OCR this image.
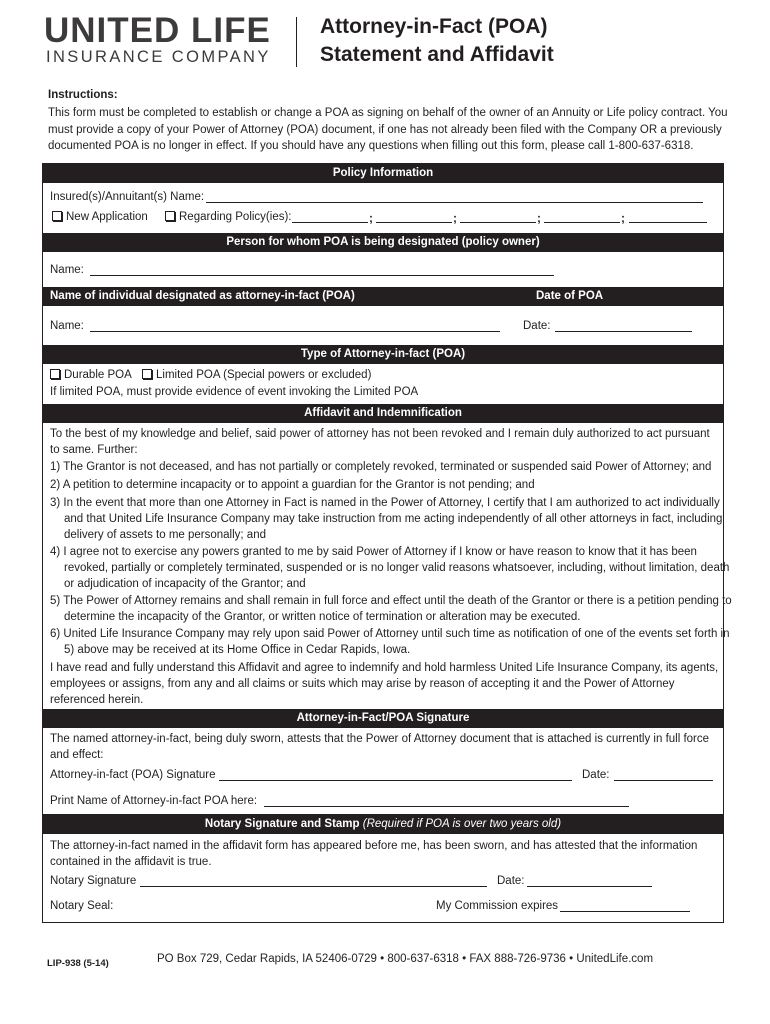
UNITED LIFE
INSURANCE COMPANY
Attorney-in-Fact (POA)
Statement and Affidavit
Instructions:
This form must be completed to establish or change a POA as signing on behalf of the owner of an Annuity or Life policy contract. You must provide a copy of your Power of Attorney (POA) document, if one has not already been filed with the Company OR a previously documented POA is no longer in effect. If you should have any questions when filling out this form, please call 1-800-637-6318.
Policy Information
Insured(s)/Annuitant(s) Name:
New Application	Regarding Policy(ies):	;	;	;	;
Person for whom POA is being designated (policy owner)
Name:
Name of individual designated as attorney-in-fact (POA)	Date of POA
Name:	Date:
Type of Attorney-in-fact (POA)
Durable POA	Limited POA (Special powers or excluded)
If limited POA, must provide evidence of event invoking the Limited POA
Affidavit and Indemnification
To the best of my knowledge and belief, said power of attorney has not been revoked and I remain duly authorized to act pursuant to same. Further:
1) The Grantor is not deceased, and has not partially or completely revoked, terminated or suspended said Power of Attorney; and
2) A petition to determine incapacity or to appoint a guardian for the Grantor is not pending; and
3) In the event that more than one Attorney in Fact is named in the Power of Attorney, I certify that I am authorized to act individually and that United Life Insurance Company may take instruction from me acting independently of all other attorneys in fact, including delivery of assets to me personally; and
4) I agree not to exercise any powers granted to me by said Power of Attorney if I know or have reason to know that it has been revoked, partially or completely terminated, suspended or is no longer valid reasons whatsoever, including, without limitation, death or adjudication of incapacity of the Grantor; and
5) The Power of Attorney remains and shall remain in full force and effect until the death of the Grantor or there is a petition pending to determine the incapacity of the Grantor, or written notice of termination or alteration may be executed.
6) United Life Insurance Company may rely upon said Power of Attorney until such time as notification of one of the events set forth in 5) above may be received at its Home Office in Cedar Rapids, Iowa.
I have read and fully understand this Affidavit and agree to indemnify and hold harmless United Life Insurance Company, its agents, employees or assigns, from any and all claims or suits which may arise by reason of accepting it and the Power of Attorney referenced herein.
Attorney-in-Fact/POA Signature
The named attorney-in-fact, being duly sworn, attests that the Power of Attorney document that is attached is currently in full force and effect:
Attorney-in-fact (POA) Signature	Date:
Print Name of Attorney-in-fact POA here:
Notary Signature and Stamp (Required if POA is over two years old)
The attorney-in-fact named in the affidavit form has appeared before me, has been sworn, and has attested that the information contained in the affidavit is true.
Notary Signature	Date:
Notary Seal:	My Commission expires
LIP-938 (5-14)	PO Box 729, Cedar Rapids, IA 52406-0729 • 800-637-6318 • FAX 888-726-9736 • UnitedLife.com
